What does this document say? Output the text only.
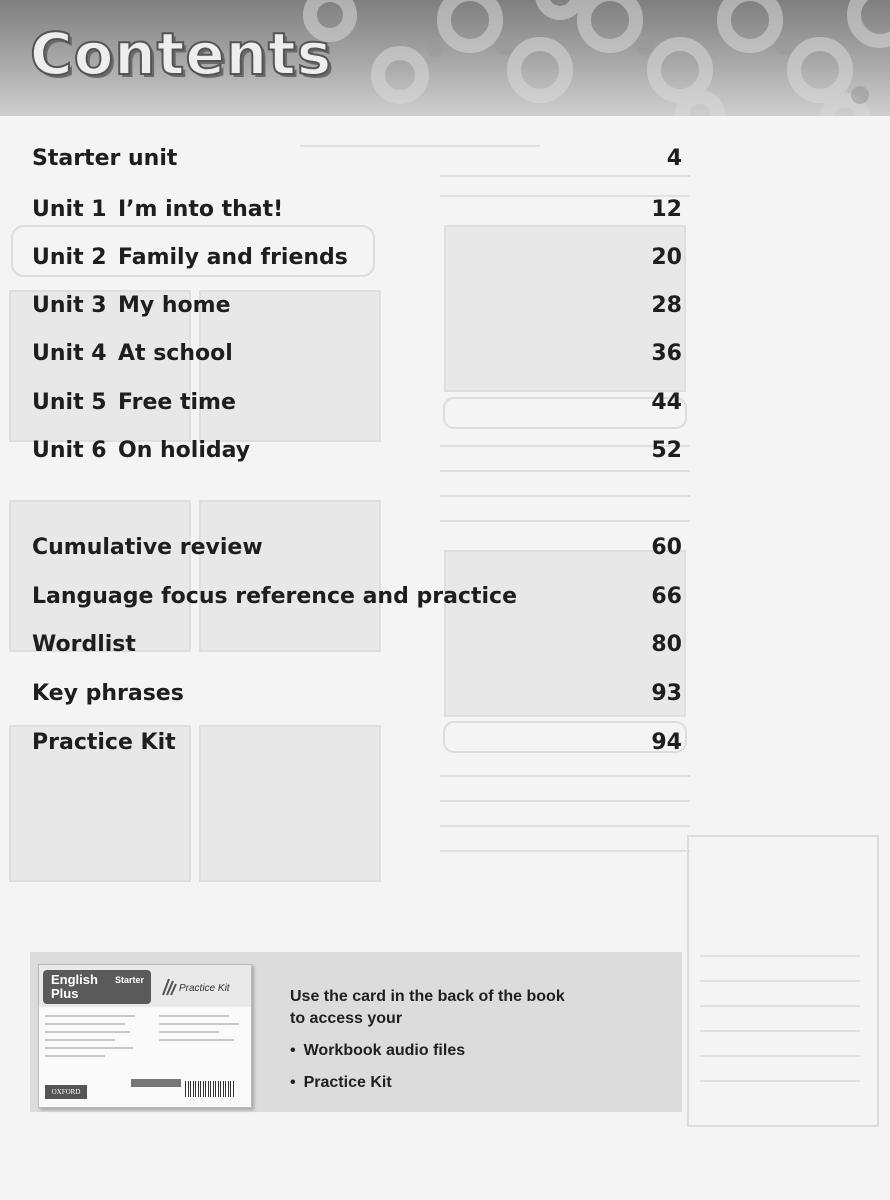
Contents
Starter unit	4
Unit 1 I’m into that!	12
Unit 2 Family and friends	20
Unit 3 My home	28
Unit 4 At school	36
Unit 5 Free time	44
Unit 6 On holiday	52
Cumulative review	60
Language focus reference and practice	66
Wordlist	80
Key phrases	93
Practice Kit	94
English
Plus
Starter
Practice Kit
OXFORD
Use the card in the back of the book
to access your
• Workbook audio files
• Practice Kit
